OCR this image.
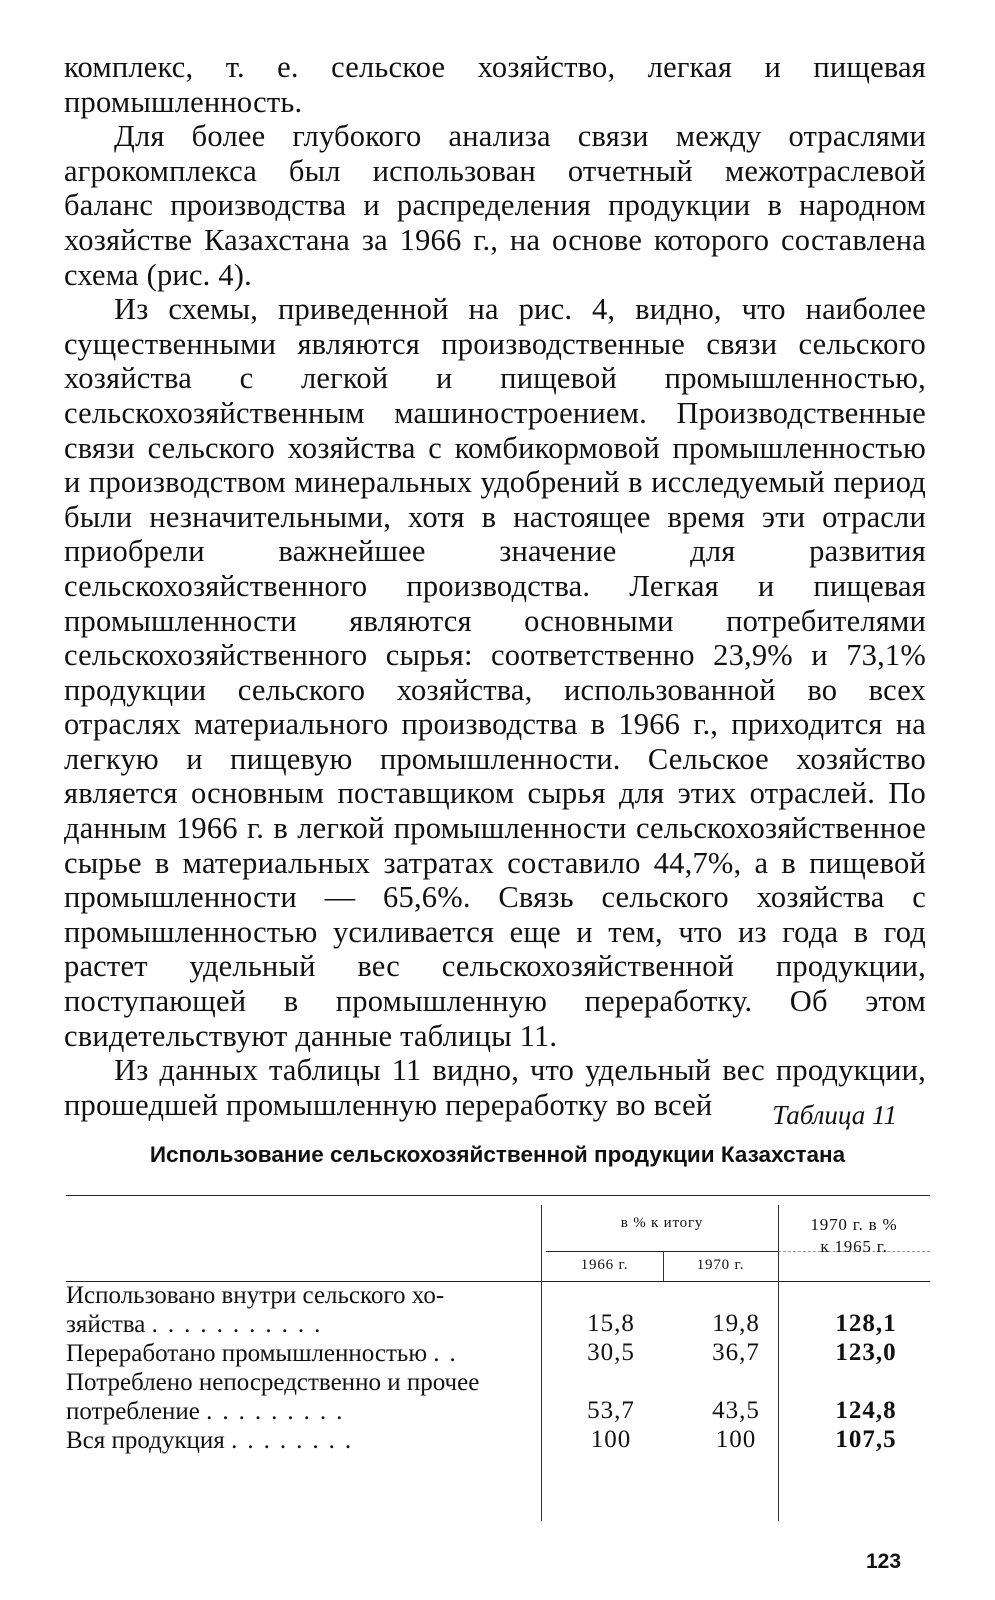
комплекс, т. е. сельское хозяйство, легкая и пищевая промышленность.

Для более глубокого анализа связи между отраслями агрокомплекса был использован отчетный межотраслевой баланс производства и распределения продукции в народном хозяйстве Казахстана за 1966 г., на основе которого составлена схема (рис. 4).

Из схемы, приведенной на рис. 4, видно, что наиболее существенными являются производственные связи сельского хозяйства с легкой и пищевой промышленностью, сельскохозяйственным машиностроением. Производственные связи сельского хозяйства с комбикормовой промышленностью и производством минеральных удобрений в исследуемый период были незначительными, хотя в настоящее время эти отрасли приобрели важнейшее значение для развития сельскохозяйственного производства. Легкая и пищевая промышленности являются основными потребителями сельскохозяйственного сырья: соответственно 23,9% и 73,1% продукции сельского хозяйства, использованной во всех отраслях материального производства в 1966 г., приходится на легкую и пищевую промышленности. Сельское хозяйство является основным поставщиком сырья для этих отраслей. По данным 1966 г. в легкой промышленности сельскохозяйственное сырье в материальных затратах составило 44,7%, а в пищевой промышленности — 65,6%. Связь сельского хозяйства с промышленностью усиливается еще и тем, что из года в год растет удельный вес сельскохозяйственной продукции, поступающей в промышленную переработку. Об этом свидетельствуют данные таблицы 11.

Из данных таблицы 11 видно, что удельный вес продукции, прошедшей промышленную переработку во всей	Таблица 11
Использование сельскохозяйственной продукции Казахстана
в % к итогу
1966 г.	1970 г.
1970 г. в %
к 1965 г.
Использовано внутри сельского хо-
зяйства ...........	15,8	19,8	128,1
Переработано промышленностью ..	30,5	36,7	123,0
Потреблено непосредственно и прочее
потребление .........	53,7	43,5	124,8
Вся продукция ........	100	100	107,5
123
